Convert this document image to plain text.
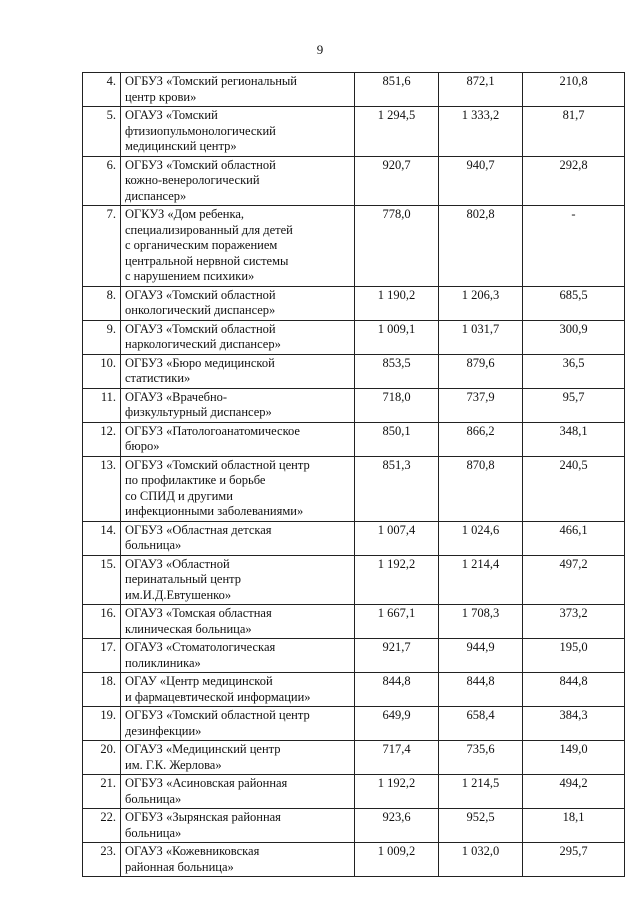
9
4.	ОГБУЗ «Томский региональный
центр крови»	851,6	872,1	210,8
5.	ОГАУЗ «Томский
фтизиопульмонологический
медицинский центр»	1 294,5	1 333,2	81,7
6.	ОГБУЗ «Томский областной
кожно-венерологический
диспансер»	920,7	940,7	292,8
7.	ОГКУЗ «Дом ребенка,
специализированный для детей
с органическим поражением
центральной нервной системы
с нарушением психики»	778,0	802,8	-
8.	ОГАУЗ «Томский областной
онкологический диспансер»	1 190,2	1 206,3	685,5
9.	ОГАУЗ «Томский областной
наркологический диспансер»	1 009,1	1 031,7	300,9
10.	ОГБУЗ «Бюро медицинской
статистики»	853,5	879,6	36,5
11.	ОГАУЗ «Врачебно-
физкультурный диспансер»	718,0	737,9	95,7
12.	ОГБУЗ «Патологоанатомическое
бюро»	850,1	866,2	348,1
13.	ОГБУЗ «Томский областной центр
по профилактике и борьбе
со СПИД и другими
инфекционными заболеваниями»	851,3	870,8	240,5
14.	ОГБУЗ «Областная детская
больница»	1 007,4	1 024,6	466,1
15.	ОГАУЗ «Областной
перинатальный центр
им.И.Д.Евтушенко»	1 192,2	1 214,4	497,2
16.	ОГАУЗ «Томская областная
клиническая больница»	1 667,1	1 708,3	373,2
17.	ОГАУЗ «Стоматологическая
поликлиника»	921,7	944,9	195,0
18.	ОГАУ «Центр медицинской
и фармацевтической информации»	844,8	844,8	844,8
19.	ОГБУЗ «Томский областной центр
дезинфекции»	649,9	658,4	384,3
20.	ОГАУЗ «Медицинский центр
им. Г.К. Жерлова»	717,4	735,6	149,0
21.	ОГБУЗ «Асиновская районная
больница»	1 192,2	1 214,5	494,2
22.	ОГБУЗ «Зырянская районная
больница»	923,6	952,5	18,1
23.	ОГАУЗ «Кожевниковская
районная больница»	1 009,2	1 032,0	295,7
